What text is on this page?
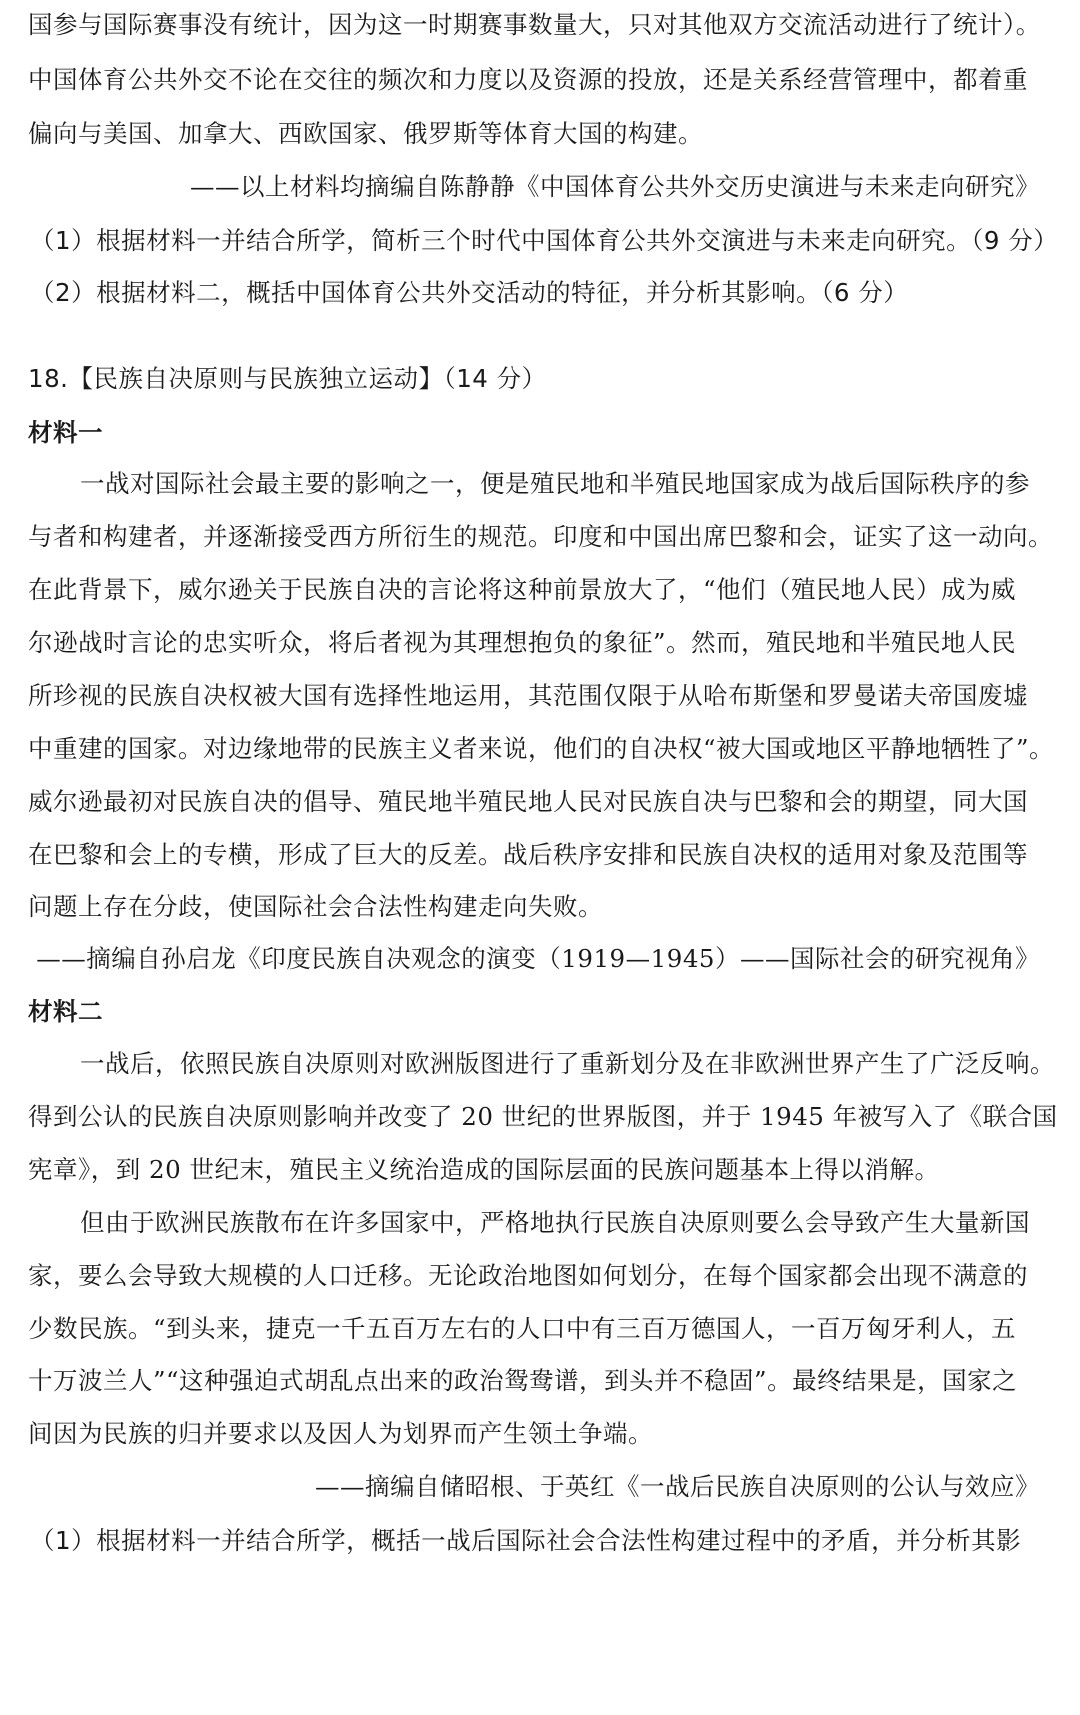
国参与国际赛事没有统计，因为这一时期赛事数量大，只对其他双方交流活动进行了统计）。
中国体育公共外交不论在交往的频次和力度以及资源的投放，还是关系经营管理中，都着重
偏向与美国、加拿大、西欧国家、俄罗斯等体育大国的构建。
——以上材料均摘编自陈静静《中国体育公共外交历史演进与未来走向研究》
（1）根据材料一并结合所学，简析三个时代中国体育公共外交演进与未来走向研究。（9 分）
（2）根据材料二，概括中国体育公共外交活动的特征，并分析其影响。（6 分）
18.【民族自决原则与民族独立运动】（14 分）
材料一
一战对国际社会最主要的影响之一，便是殖民地和半殖民地国家成为战后国际秩序的参
与者和构建者，并逐渐接受西方所衍生的规范。印度和中国出席巴黎和会，证实了这一动向。
在此背景下，威尔逊关于民族自决的言论将这种前景放大了，“他们（殖民地人民）成为威
尔逊战时言论的忠实听众，将后者视为其理想抱负的象征”。然而，殖民地和半殖民地人民
所珍视的民族自决权被大国有选择性地运用，其范围仅限于从哈布斯堡和罗曼诺夫帝国废墟
中重建的国家。对边缘地带的民族主义者来说，他们的自决权“被大国或地区平静地牺牲了”。
威尔逊最初对民族自决的倡导、殖民地半殖民地人民对民族自决与巴黎和会的期望，同大国
在巴黎和会上的专横，形成了巨大的反差。战后秩序安排和民族自决权的适用对象及范围等
问题上存在分歧，使国际社会合法性构建走向失败。
——摘编自孙启龙《印度民族自决观念的演变（1919—1945）——国际社会的研究视角》
材料二
一战后，依照民族自决原则对欧洲版图进行了重新划分及在非欧洲世界产生了广泛反响。
得到公认的民族自决原则影响并改变了 20 世纪的世界版图，并于 1945 年被写入了《联合国
宪章》，到 20 世纪末，殖民主义统治造成的国际层面的民族问题基本上得以消解。
但由于欧洲民族散布在许多国家中，严格地执行民族自决原则要么会导致产生大量新国
家，要么会导致大规模的人口迁移。无论政治地图如何划分，在每个国家都会出现不满意的
少数民族。“到头来，捷克一千五百万左右的人口中有三百万德国人，一百万匈牙利人，五
十万波兰人”“这种强迫式胡乱点出来的政治鸳鸯谱，到头并不稳固”。最终结果是，国家之
间因为民族的归并要求以及因人为划界而产生领土争端。
——摘编自储昭根、于英红《一战后民族自决原则的公认与效应》
（1）根据材料一并结合所学，概括一战后国际社会合法性构建过程中的矛盾，并分析其影
